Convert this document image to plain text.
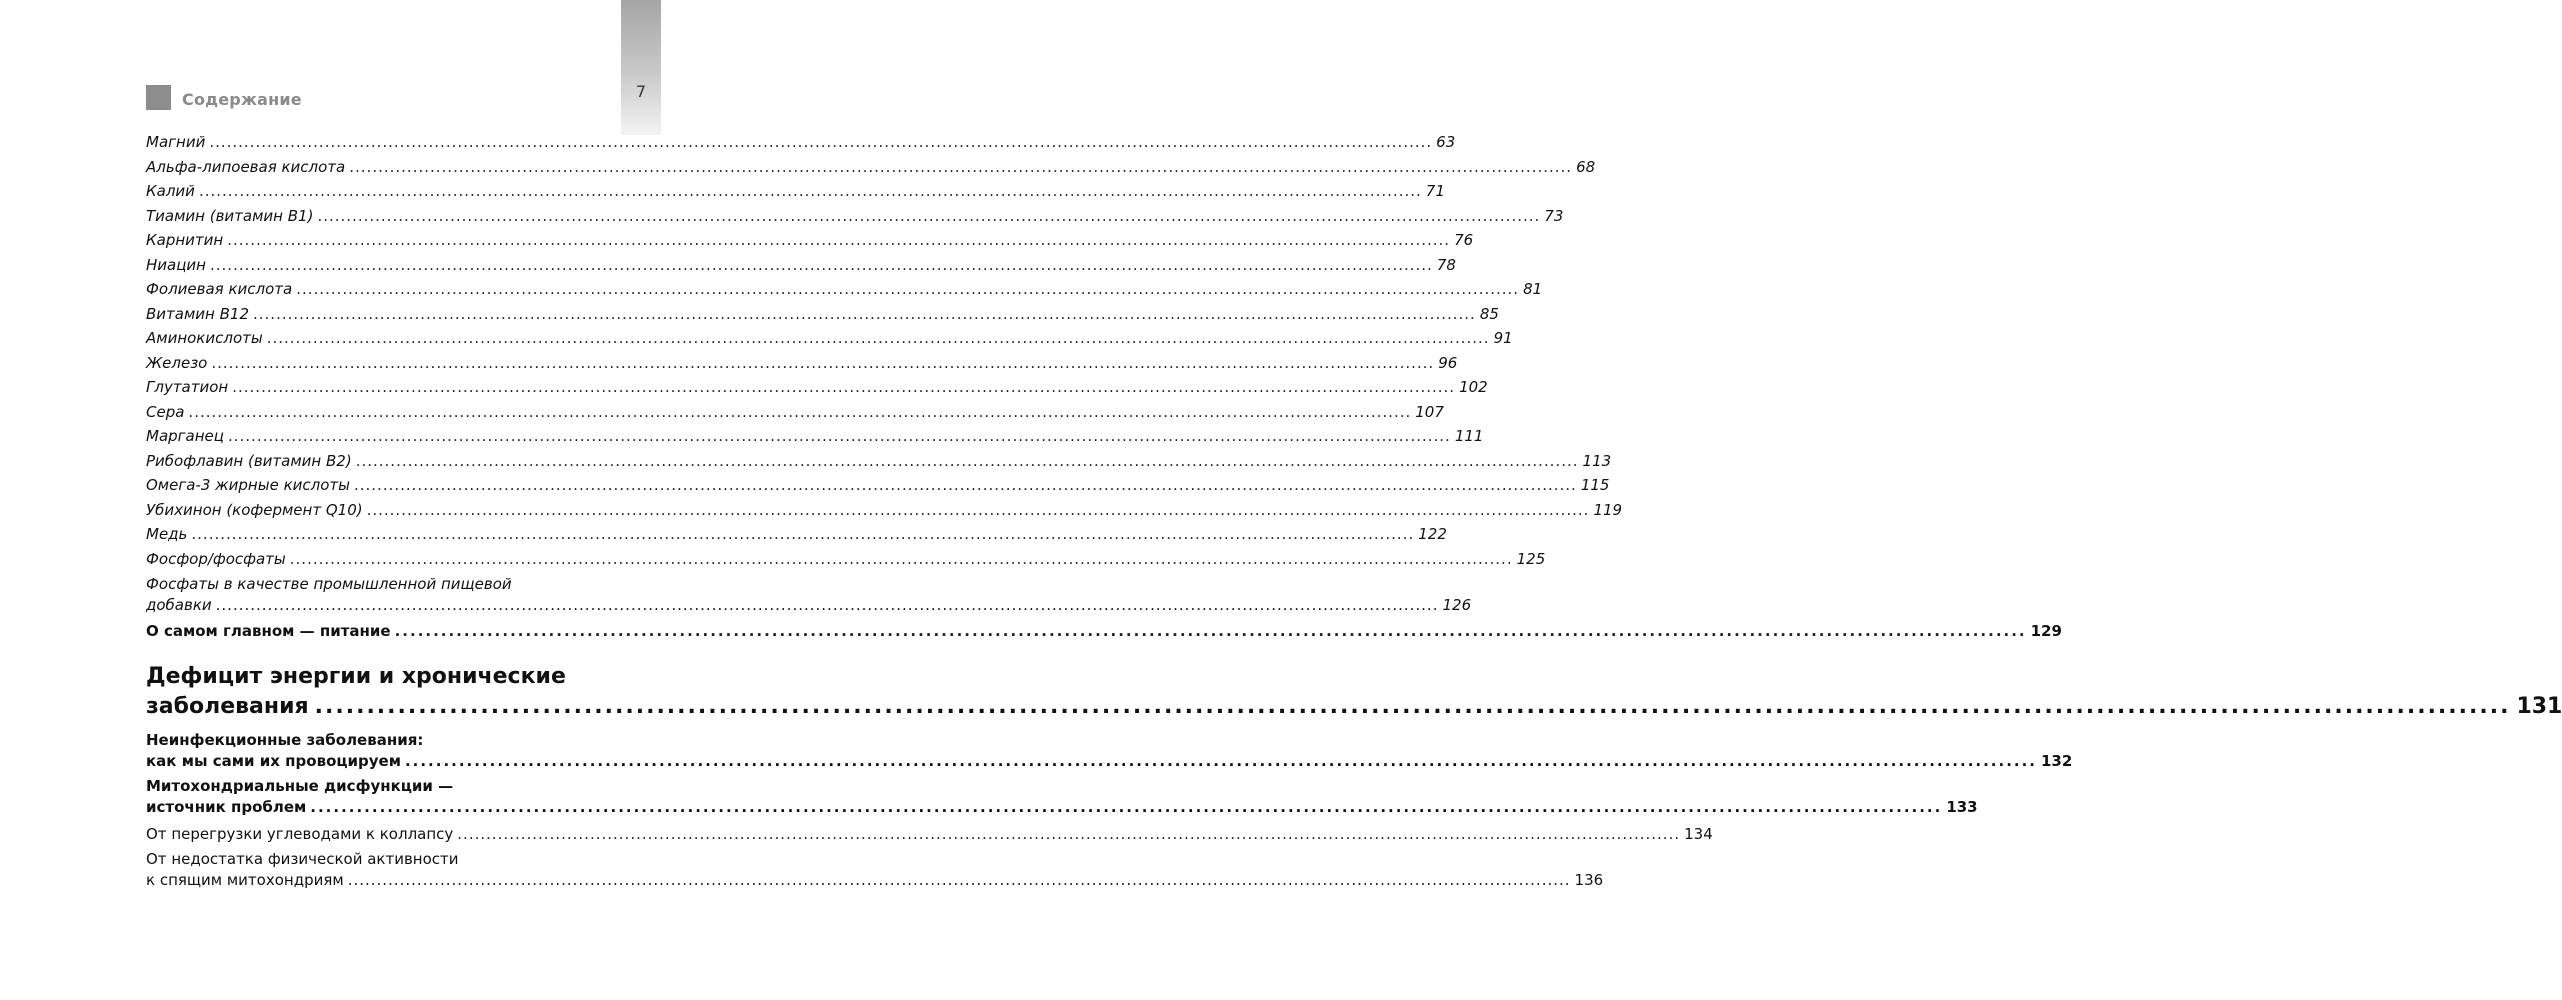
7
Содержание
Магний .................................................................................................................................................................................................................... 63
Альфа-липоевая кислота .................................................................................................................................................................................................................... 68
Калий .................................................................................................................................................................................................................... 71
Тиамин (витамин B1) .................................................................................................................................................................................................................... 73
Карнитин .................................................................................................................................................................................................................... 76
Ниацин .................................................................................................................................................................................................................... 78
Фолиевая кислота .................................................................................................................................................................................................................... 81
Витамин B12 .................................................................................................................................................................................................................... 85
Аминокислоты .................................................................................................................................................................................................................... 91
Железо .................................................................................................................................................................................................................... 96
Глутатион .................................................................................................................................................................................................................... 102
Сера .................................................................................................................................................................................................................... 107
Марганец .................................................................................................................................................................................................................... 111
Рибофлавин (витамин B2) .................................................................................................................................................................................................................... 113
Омега-3 жирные кислоты .................................................................................................................................................................................................................... 115
Убихинон (кофермент Q10) .................................................................................................................................................................................................................... 119
Медь .................................................................................................................................................................................................................... 122
Фосфор/фосфаты .................................................................................................................................................................................................................... 125
Фосфаты в качестве промышленной пищевой
добавки .................................................................................................................................................................................................................... 126
О самом главном — питание .................................................................................................................................................................................................................... 129
Дефицит энергии и хронические
заболевания .................................................................................................................................................................................................................... 131
Неинфекционные заболевания:
как мы сами их провоцируем .................................................................................................................................................................................................................... 132
Митохондриальные дисфункции —
источник проблем .................................................................................................................................................................................................................... 133
От перегрузки углеводами к коллапсу .................................................................................................................................................................................................................... 134
От недостатка физической активности
к спящим митохондриям .................................................................................................................................................................................................................... 136
